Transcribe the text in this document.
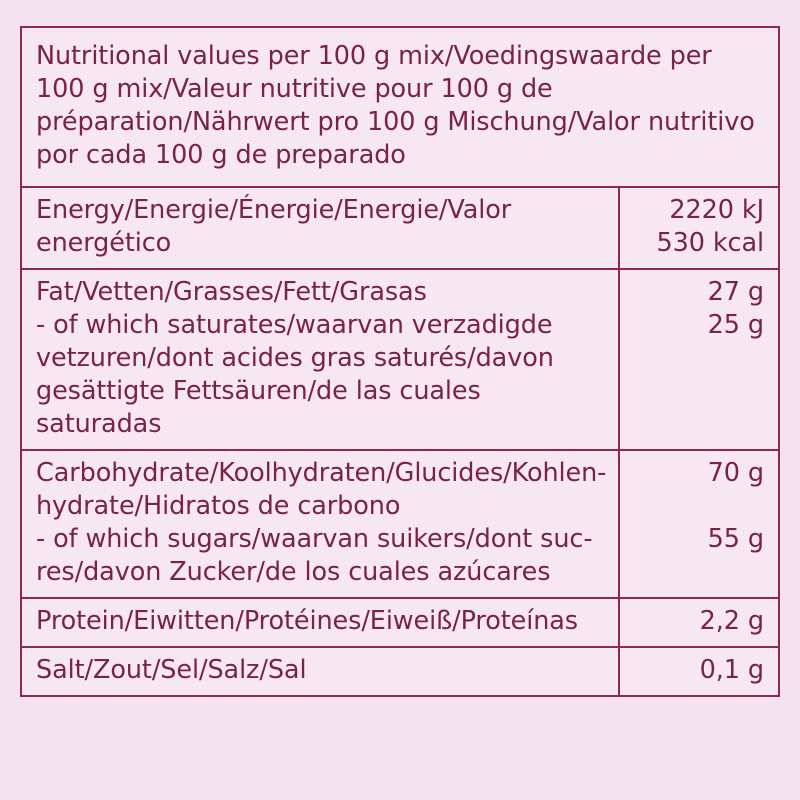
Nutritional values per 100 g mix/Voedingswaarde per 100 g mix/Valeur nutritive pour 100 g de préparation/Nährwert pro 100 g Mischung/Valor nutritivo por cada 100 g de preparado
Energy/Energie/Énergie/Energie/Valor energético
2220 kJ
530 kcal
Fat/Vetten/Grasses/Fett/Grasas
- of which saturates/waarvan verzadigde vetzuren/dont acides gras saturés/davon gesättigte Fettsäuren/de las cuales saturadas
27 g
25 g
Carbohydrate/Koolhydraten/Glucides/Kohlen-hydrate/Hidratos de carbono
- of which sugars/waarvan suikers/dont suc-res/davon Zucker/de los cuales azúcares
70 g
55 g
Protein/Eiwitten/Protéines/Eiweiß/Proteínas	2,2 g
Salt/Zout/Sel/Salz/Sal	0,1 g
